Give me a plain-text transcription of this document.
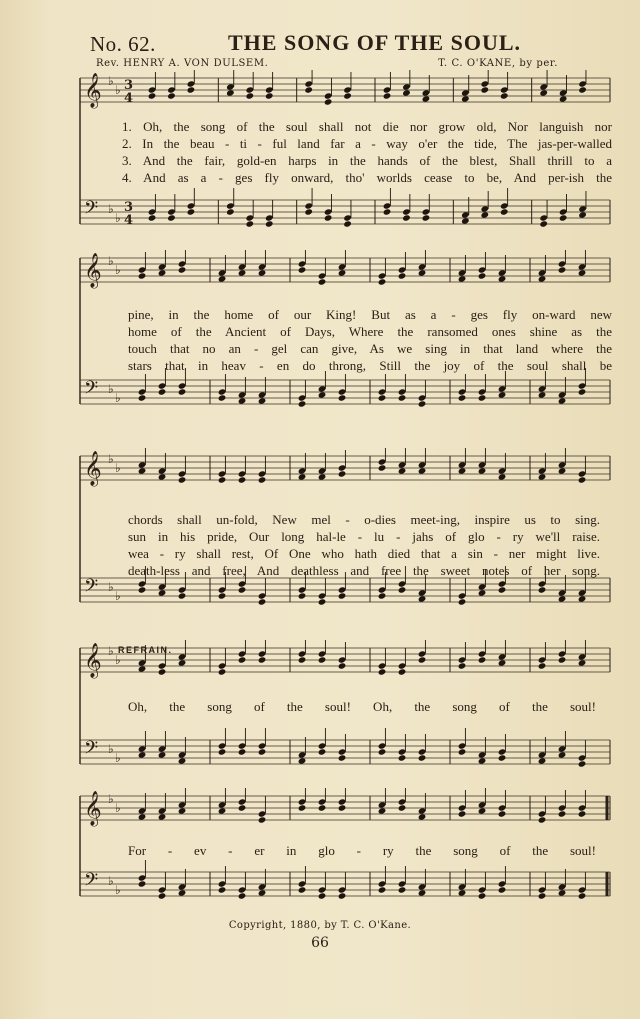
No. 62.	THE SONG OF THE SOUL.
Rev. HENRY A. VON DULSEM.	T. C. O'KANE, by per.
𝄞 ♭
♭ 3
4
𝄢 ♭
♭
3
4
1. Oh, the song of the soul shall not die nor grow old, Nor languish nor
2. In the beau - ti - ful land far a - way o'er the tide, The jas-per-walled
3. And the fair, gold-en harps in the hands of the blest, Shall thrill to a
4. And as a - ges fly onward, tho' worlds cease to be, And per-ish the
𝄞 ♭
♭
𝄢 ♭
♭
pine, in the home of our King! But as a - ges fly on-ward new
home of the Ancient of Days, Where the ransomed ones shine as the
touch that no an - gel can give, As we sing in that land where the
stars that in heav - en do throng, Still the joy of the soul shall be
𝄞 ♭
♭
𝄢 ♭
♭
chords shall un-fold, New mel - o-dies meet-ing, inspire us to sing.
sun in his pride, Our long hal-le - lu - jahs of glo - ry we'll raise.
wea - ry shall rest, Of One who hath died that a sin - ner might live.
death-less and free, And deathless and free the sweet notes of her song.
REFRAIN.
𝄞 ♭
♭
𝄢 ♭
♭
Oh, the song of the soul! Oh, the song of the soul!
𝄞 ♭
♭
𝄢 ♭
♭
For - ev - er in glo - ry the song of the soul!
Copyright, 1880, by T. C. O'Kane.
66
